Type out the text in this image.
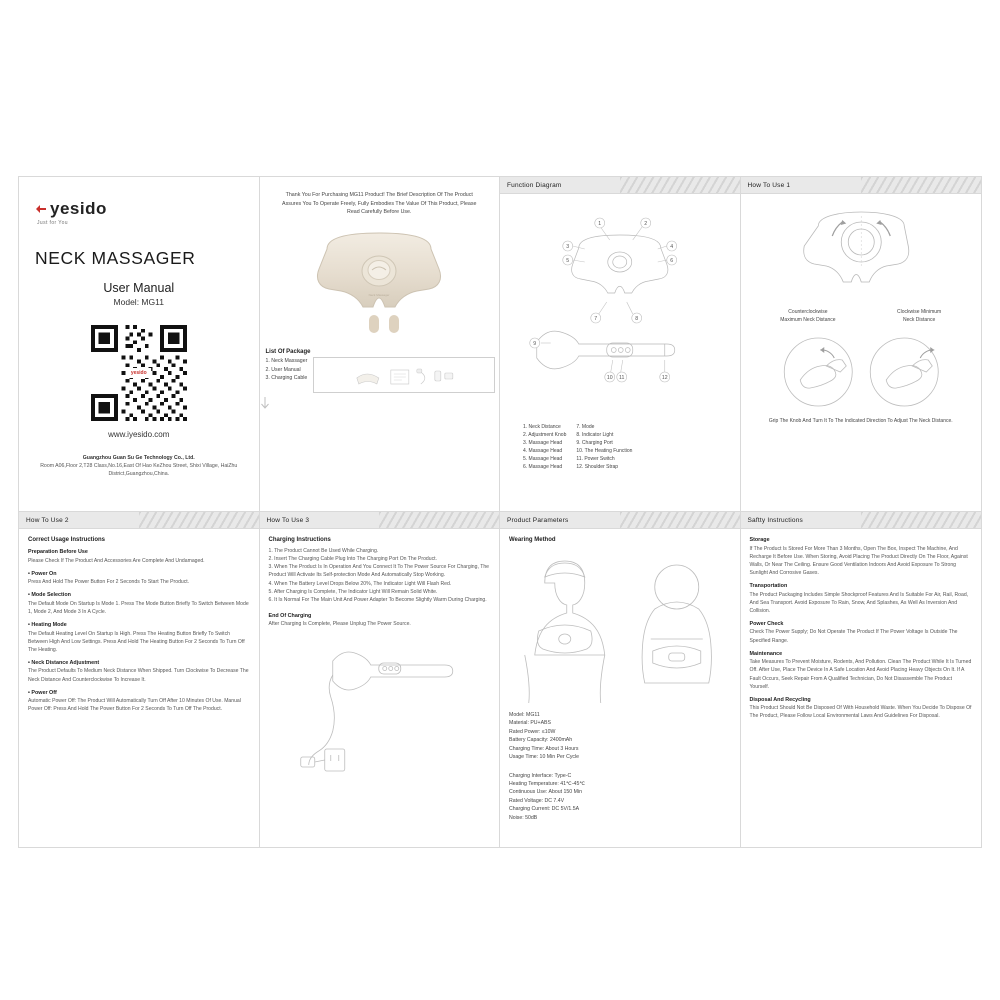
yesido
Just for You
NECK MASSAGER
User Manual
Model: MG11
yesido
www.iyesido.com
Guangzhou Guan Su Ge Technology Co., Ltd.
Room A06,Floor 2,T28 Class,No.16,East Of Hao KeZhou Street, Shixi Village, HaiZhu District,Guangzhou,China.
Thank You For Purchasing MG11 Product! The Brief Description Of The Product Assures You To Operate Freely, Fully Embodies The Value Of This Product, Please Read Carefully Before Use.
Neck Massager
List Of Package
1. Neck Massager
2. User Manual
3. Charging Cable
Function Diagram
1	2
3	4
5	6
7	8
9
10 11	12
1. Neck Distance
2. Adjustment Knob
3. Massage Head
4. Massage Head
5. Massage Head
6. Massage Head
7. Mode
8. Indicator Light
9. Charging Port
10. The Heating Function
11. Power Switch
12. Shoulder Strap
How To Use 1
Counterclockwise
Maximum Neck Distance
Clockwise Minimum
Neck Distance
Grip The Knob And Turn It To The Indicated Direction To Adjust The Neck Distance.
How To Use 2
Correct Usage Instructions
Preparation Before Use
Please Check If The Product And Accessories Are Complete And Undamaged.
• Power On
Press And Hold The Power Button For 2 Seconds To Start The Product.
• Mode Selection
The Default Mode On Startup Is Mode 1. Press The Mode Button Briefly To Switch Between Mode 1, Mode 2, And Mode 3 In A Cycle.
• Heating Mode
The Default Heating Level On Startup Is High. Press The Heating Button Briefly To Switch Between High And Low Settings. Press And Hold The Heating Button For 2 Seconds To Turn Off The Heating.
• Neck Distance Adjustment
The Product Defaults To Medium Neck Distance When Shipped. Turn Clockwise To Decrease The Neck Distance And Counterclockwise To Increase It.
• Power Off
Automatic Power Off: The Product Will Automatically Turn Off After 10 Minutes Of Use. Manual Power Off: Press And Hold The Power Button For 2 Seconds To Turn Off The Product.
How To Use 3
Charging Instructions
1. The Product Cannot Be Used While Charging.
2. Insert The Charging Cable Plug Into The Charging Port On The Product.
3. When The Product Is In Operation And You Connect It To The Power Source For Charging, The Product Will Activate Its Self-protection Mode And Automatically Stop Working.
4. When The Battery Level Drops Below 20%, The Indicator Light Will Flash Red.
5. After Charging Is Complete, The Indicator Light Will Remain Solid White.
6. It Is Normal For The Main Unit And Power Adapter To Become Slightly Warm During Charging.
End Of Charging
After Charging Is Complete, Please Unplug The Power Source.
Product Parameters
Wearing Method
Model: MG11
Material: PU+ABS
Rated Power: ≤10W
Battery Capacity: 2400mAh
Charging Time: About 3 Hours
Usage Time: 10 Min Per Cycle
Charging Interface: Type-C
Heating Temperature: 41℃-45℃
Continuous Use: About 150 Min
Rated Voltage: DC 7.4V
Charging Current: DC 5V/1.5A
Noise: 50dB
Saftty Instructions
Storage
If The Product Is Stored For More Than 3 Months, Open The Box, Inspect The Machine, And Recharge It Before Use. When Storing, Avoid Placing The Product Directly On The Floor, Against Walls, Or Near The Ceiling. Ensure Good Ventilation Indoors And Avoid Exposure To Strong Sunlight And Corrosive Gases.
Transportation
The Product Packaging Includes Simple Shockproof Features And Is Suitable For Air, Rail, Road, And Sea Transport. Avoid Exposure To Rain, Snow, And Splashes, As Well As Inversion And Collision.
Power Check
Check The Power Supply; Do Not Operate The Product If The Power Voltage Is Outside The Specified Range.
Maintenance
Take Measures To Prevent Moisture, Rodents, And Pollution. Clean The Product While It Is Turned Off. After Use, Place The Device In A Safe Location And Avoid Placing Heavy Objects On It. If A Fault Occurs, Seek Repair From A Qualified Technician, Do Not Disassemble The Product Yourself.
Disposal And Recycling
This Product Should Not Be Disposed Of With Household Waste. When You Decide To Dispose Of The Product, Please Follow Local Environmental Laws And Guidelines For Disposal.
